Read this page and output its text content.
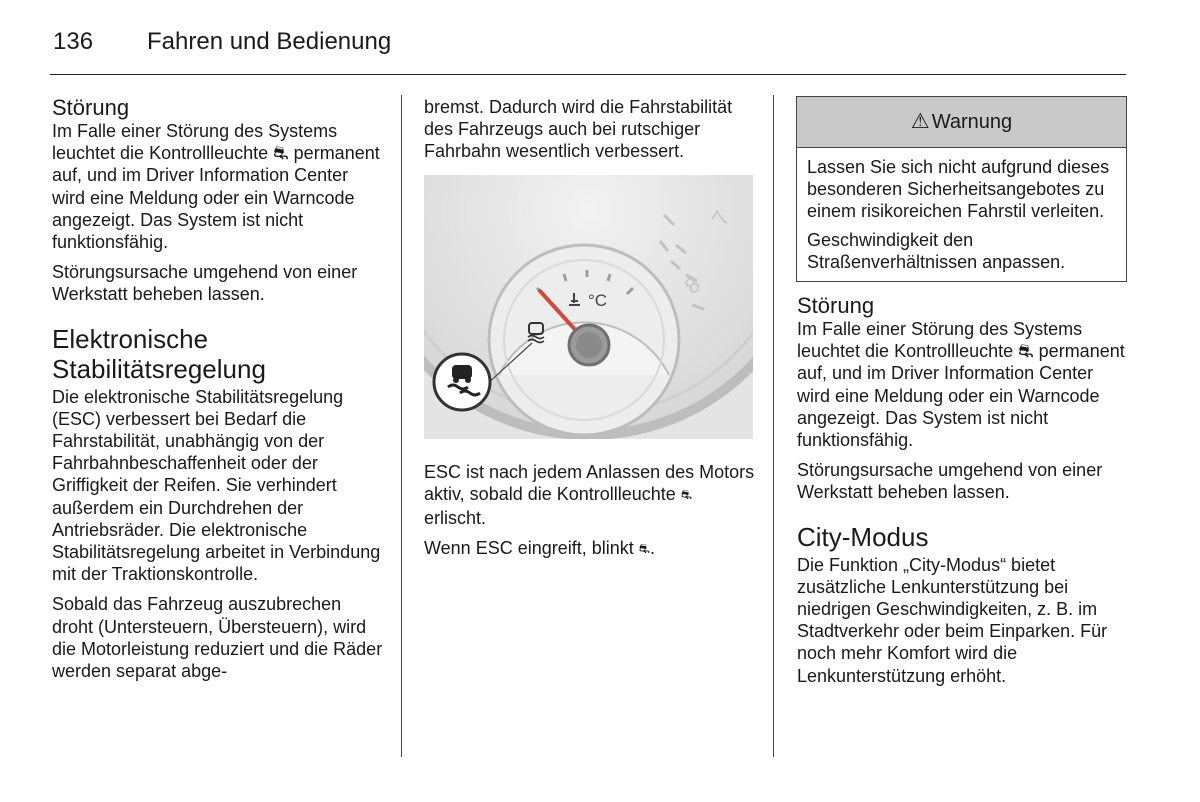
136 Fahren und Bedienung
Störung

Im Falle einer Störung des Systems leuchtet die Kontrollleuchte ⛐ permanent auf, und im Driver Information Center wird eine Meldung oder ein Warncode angezeigt. Das System ist nicht funktionsfähig.

Störungsursache umgehend von einer Werkstatt beheben lassen.

Elektronische Stabilitätsregelung

Die elektronische Stabilitätsregelung (ESC) verbessert bei Bedarf die Fahrstabilität, unabhängig von der Fahrbahnbeschaffenheit oder der Griffigkeit der Reifen. Sie verhindert außerdem ein Durchdrehen der Antriebsräder. Die elektronische Stabilitätsregelung arbeitet in Verbindung mit der Traktionskontrolle.

Sobald das Fahrzeug auszubrechen droht (Untersteuern, Übersteuern), wird die Motorleistung reduziert und die Räder werden separat abge-

bremst. Dadurch wird die Fahrstabilität des Fahrzeugs auch bei rutschiger Fahrbahn wesentlich verbessert.

7
8
°C

ESC ist nach jedem Anlassen des Motors aktiv, sobald die Kontrollleuchte ⛐ erlischt.

Wenn ESC eingreift, blinkt ⛐.

⚠ Warnung

Lassen Sie sich nicht aufgrund dieses besonderen Sicherheitsangebotes zu einem risikoreichen Fahrstil verleiten.

Geschwindigkeit den Straßenverhältnissen anpassen.

Störung

Im Falle einer Störung des Systems leuchtet die Kontrollleuchte ⛐ permanent auf, und im Driver Information Center wird eine Meldung oder ein Warncode angezeigt. Das System ist nicht funktionsfähig.

Störungsursache umgehend von einer Werkstatt beheben lassen.

City-Modus

Die Funktion „City-Modus“ bietet zusätzliche Lenkunterstützung bei niedrigen Geschwindigkeiten, z. B. im Stadtverkehr oder beim Einparken. Für noch mehr Komfort wird die Lenkunterstützung erhöht.
